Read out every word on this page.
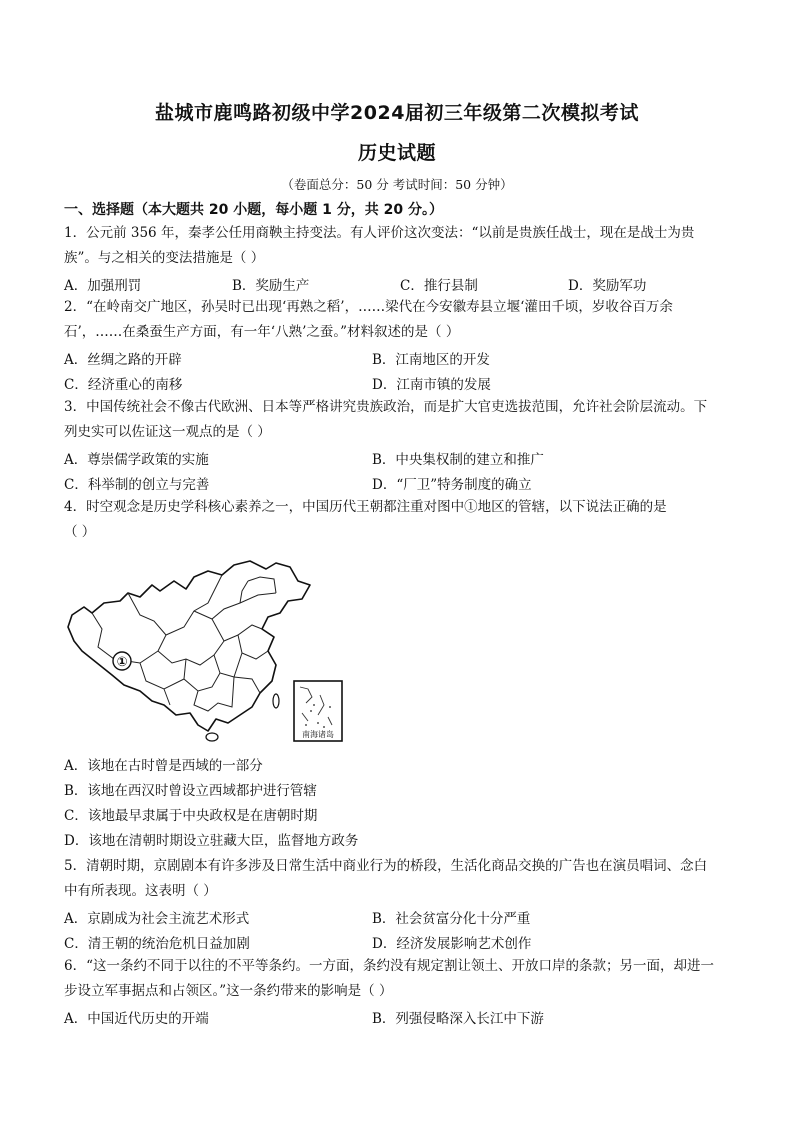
盐城市鹿鸣路初级中学2024届初三年级第二次模拟考试
历史试题
（卷面总分：50 分 考试时间：50 分钟）
一、选择题（本大题共 20 小题，每小题 1 分，共 20 分。）
1．公元前 356 年，秦孝公任用商鞅主持变法。有人评价这次变法：“以前是贵族任战士，现在是战士为贵
族”。与之相关的变法措施是（ ）
A．加强刑罚	B．奖励生产	C．推行县制	D．奖励军功
2．“在岭南交广地区，孙吴时已出现‘再熟之稻’，……梁代在今安徽寿县立堰‘灌田千顷，岁收谷百万余
石’，……在桑蚕生产方面，有一年‘八熟’之蚕。”材料叙述的是（ ）
A．丝绸之路的开辟	B．江南地区的开发
C．经济重心的南移	D．江南市镇的发展
3．中国传统社会不像古代欧洲、日本等严格讲究贵族政治，而是扩大官吏选拔范围，允许社会阶层流动。下
列史实可以佐证这一观点的是（ ）
A．尊崇儒学政策的实施	B．中央集权制的建立和推广
C．科举制的创立与完善	D．“厂卫”特务制度的确立
4．时空观念是历史学科核心素养之一，中国历代王朝都注重对图中①地区的管辖，以下说法正确的是
（ ）
①
南海诸岛
A．该地在古时曾是西域的一部分
B．该地在西汉时曾设立西域都护进行管辖
C．该地最早隶属于中央政权是在唐朝时期
D．该地在清朝时期设立驻藏大臣，监督地方政务
5．清朝时期，京剧剧本有许多涉及日常生活中商业行为的桥段，生活化商品交换的广告也在演员唱词、念白
中有所表现。这表明（ ）
A．京剧成为社会主流艺术形式	B．社会贫富分化十分严重
C．清王朝的统治危机日益加剧	D．经济发展影响艺术创作
6．“这一条约不同于以往的不平等条约。一方面，条约没有规定割让领土、开放口岸的条款；另一面，却进一
步设立军事据点和占领区。”这一条约带来的影响是（ ）
A．中国近代历史的开端	B．列强侵略深入长江中下游
